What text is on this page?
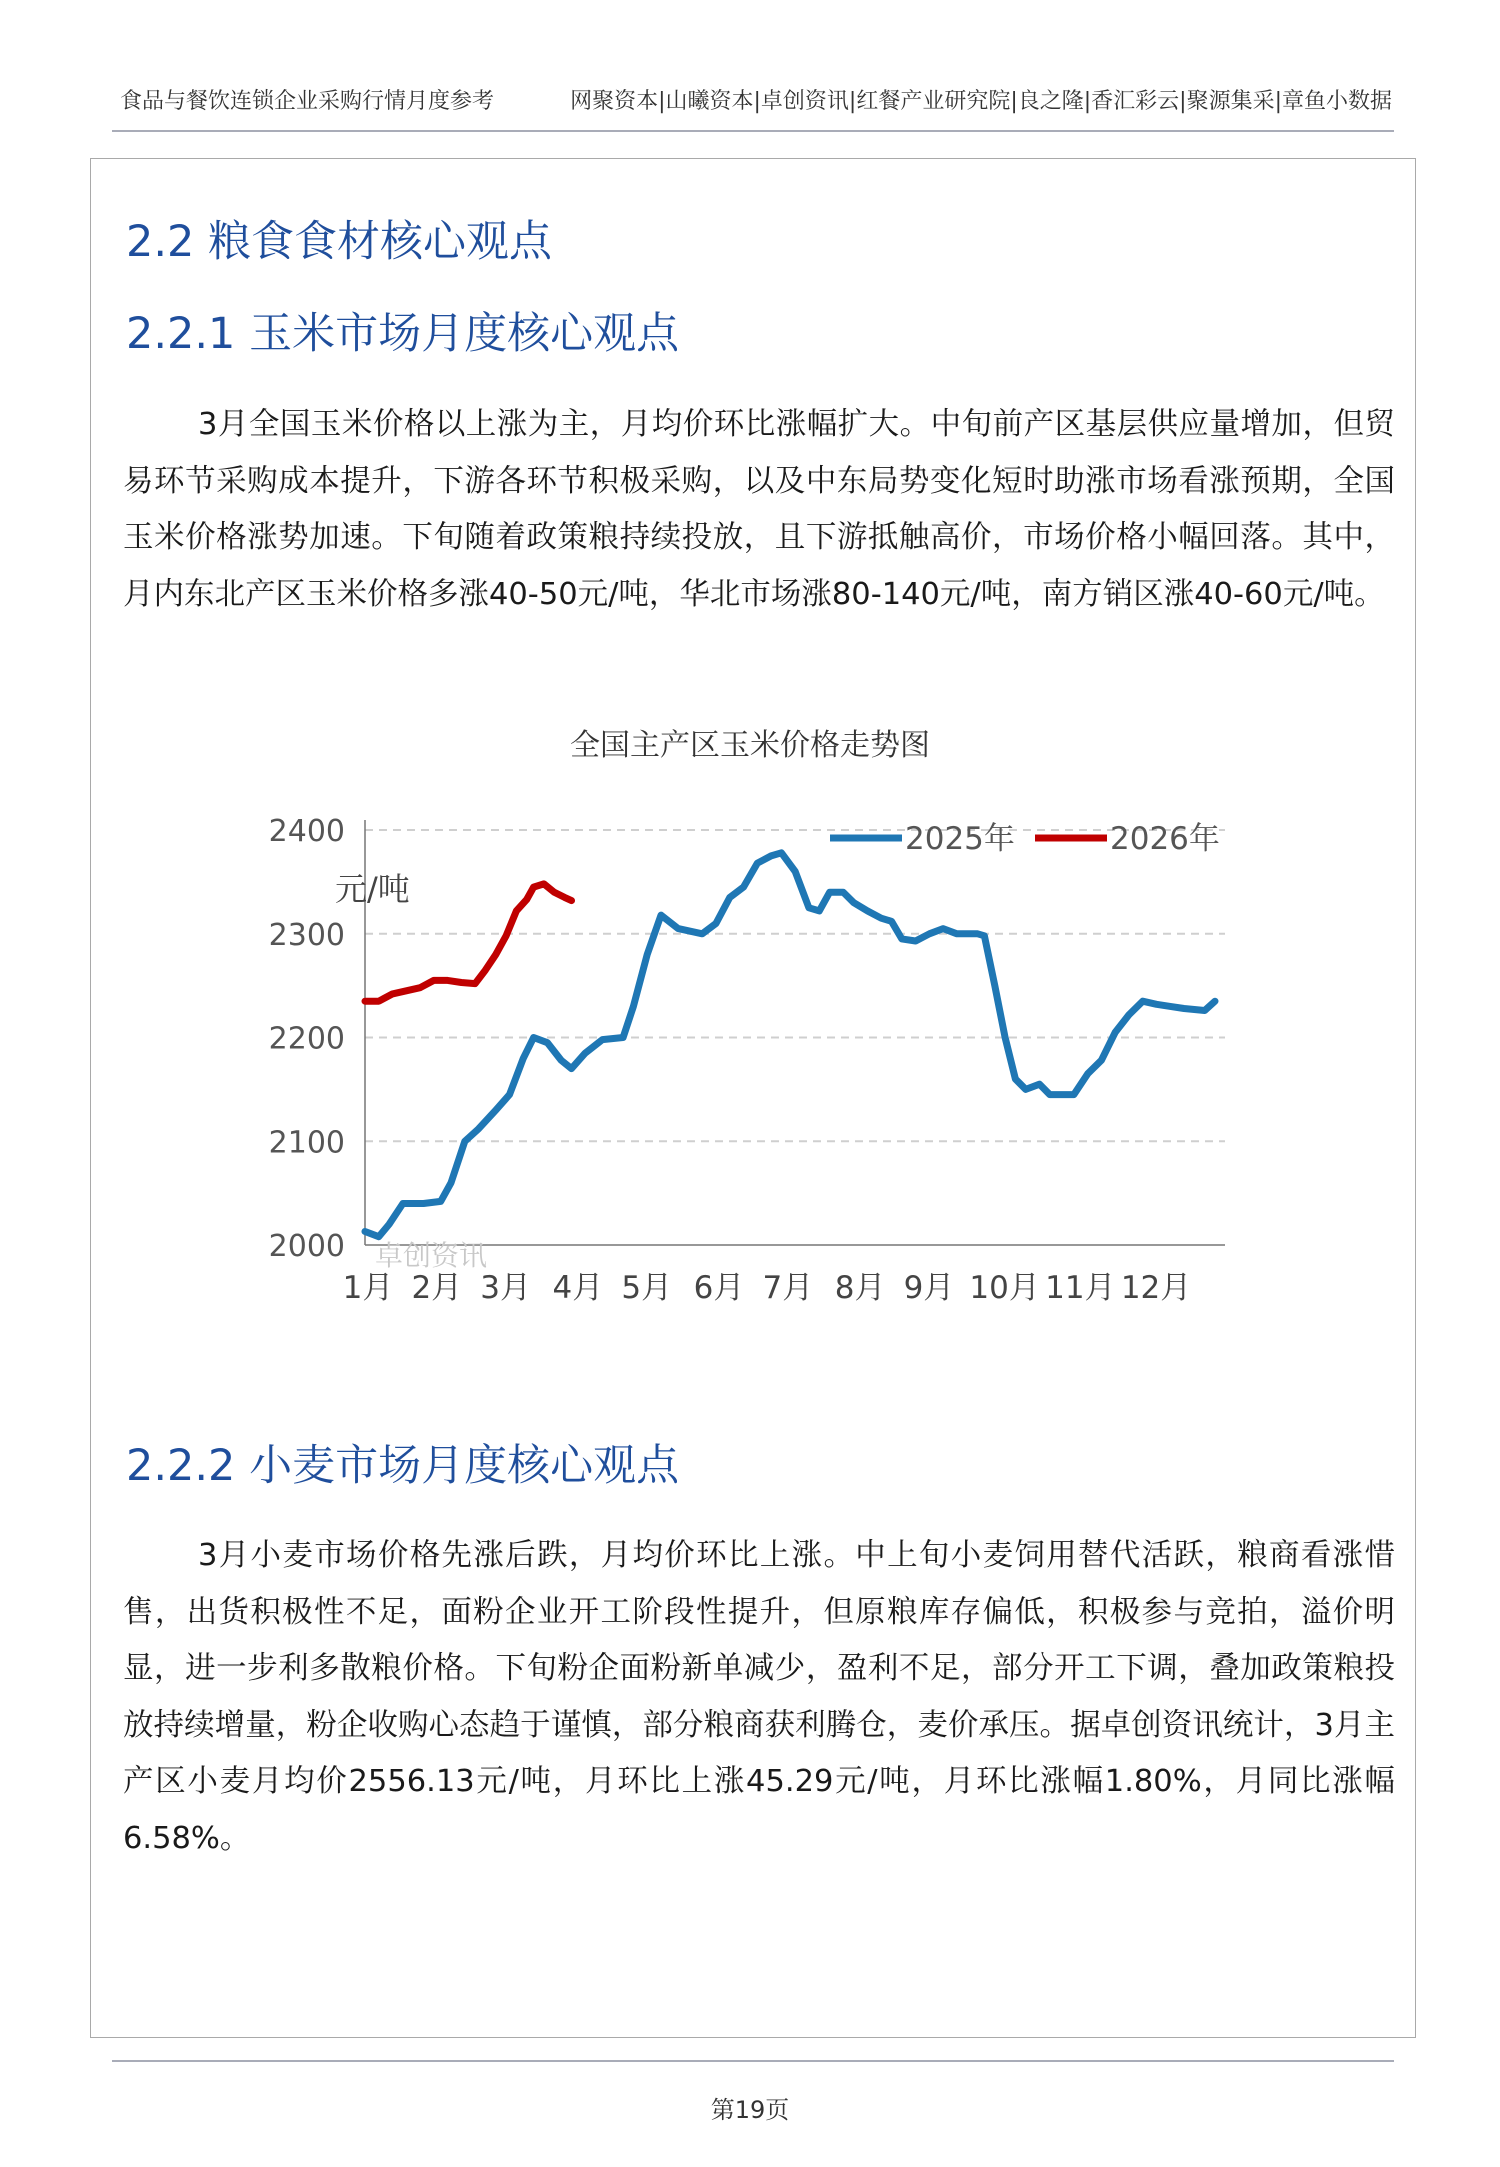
食品与餐饮连锁企业采购行情月度参考	网聚资本|山曦资本|卓创资讯|红餐产业研究院|良之隆|香汇彩云|聚源集采|章鱼小数据
2.2 粮食食材核心观点
2.2.1 玉米市场月度核心观点
3月全国玉米价格以上涨为主，月均价环比涨幅扩大。中旬前产区基层供应量增加，但贸易环节采购成本提升，下游各环节积极采购，以及中东局势变化短时助涨市场看涨预期，全国玉米价格涨势加速。下旬随着政策粮持续投放，且下游抵触高价，市场价格小幅回落。其中，月内东北产区玉米价格多涨40-50元/吨，华北市场涨80-140元/吨，南方销区涨40-60元/吨。
全国主产区玉米价格走势图
2400
2300
2200
2100
2000
元/吨
1月 2月 3月 4月 5月 6月 7月 8月 9月 10月 11月 12月
卓创资讯
2025年	2026年
2.2.2 小麦市场月度核心观点
3月小麦市场价格先涨后跌，月均价环比上涨。中上旬小麦饲用替代活跃，粮商看涨惜售，出货积极性不足，面粉企业开工阶段性提升，但原粮库存偏低，积极参与竞拍，溢价明显，进一步利多散粮价格。下旬粉企面粉新单减少，盈利不足，部分开工下调，叠加政策粮投放持续增量，粉企收购心态趋于谨慎，部分粮商获利腾仓，麦价承压。据卓创资讯统计，3月主产区小麦月均价2556.13元/吨，月环比上涨45.29元/吨，月环比涨幅1.80%，月同比涨幅6.58%。
第19页
